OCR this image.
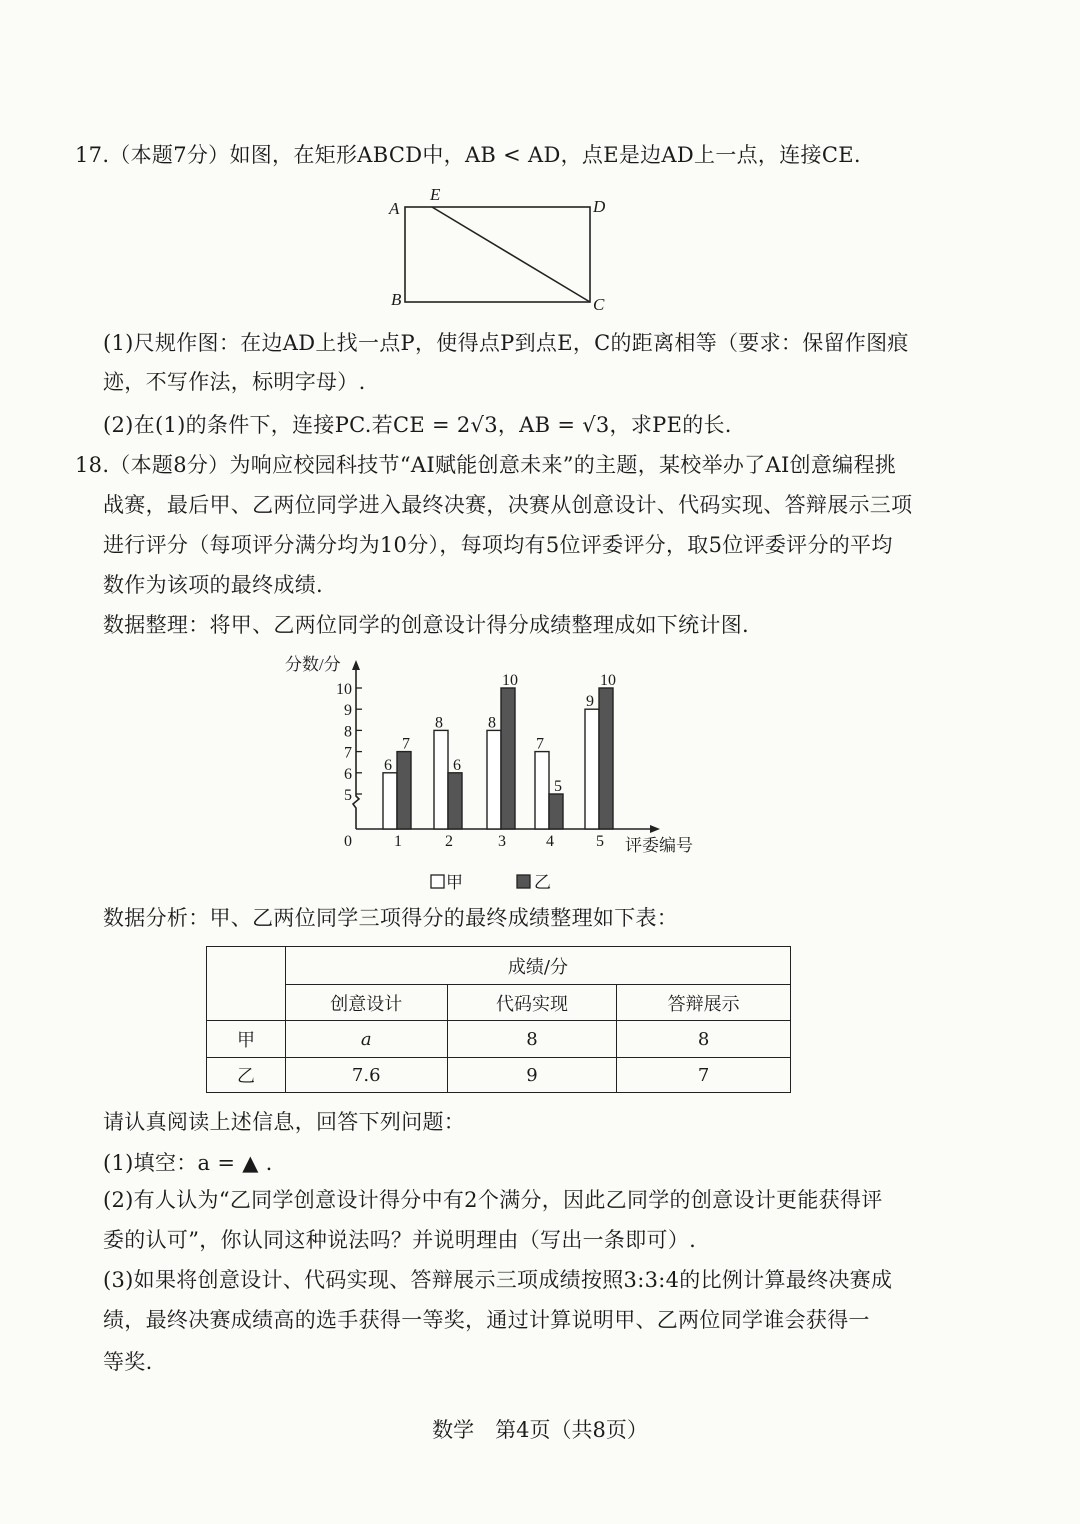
17.（本题7分）如图，在矩形ABCD中，AB < AD，点E是边AD上一点，连接CE.
A
E
D
B	C
(1)尺规作图：在边AD上找一点P，使得点P到点E，C的距离相等（要求：保留作图痕
迹，不写作法，标明字母）.
(2)在(1)的条件下，连接PC.若CE = 2√3，AB = √3，求PE的长.
18.（本题8分）为响应校园科技节“AI赋能创意未来”的主题，某校举办了AI创意编程挑
战赛，最后甲、乙两位同学进入最终决赛，决赛从创意设计、代码实现、答辩展示三项
进行评分（每项评分满分均为10分），每项均有5位评委评分，取5位评委评分的平均
数作为该项的最终成绩.
数据整理：将甲、乙两位同学的创意设计得分成绩整理成如下统计图.
5
6
7
8
9
10
1
6
7
2
8
6
3
8
10
4
7
5
5
9
10
分数/分
评委编号
0
甲	乙
数据分析：甲、乙两位同学三项得分的最终成绩整理如下表：
	成绩/分		
	创意设计	代码实现	答辩展示
甲	a	8	8
乙	7.6	9	7
请认真阅读上述信息，回答下列问题：
(1)填空：a = ▲ .
(2)有人认为“乙同学创意设计得分中有2个满分，因此乙同学的创意设计更能获得评
委的认可”，你认同这种说法吗？并说明理由（写出一条即可）.
(3)如果将创意设计、代码实现、答辩展示三项成绩按照3:3:4的比例计算最终决赛成
绩，最终决赛成绩高的选手获得一等奖，通过计算说明甲、乙两位同学谁会获得一
等奖.
数学　第4页（共8页）
